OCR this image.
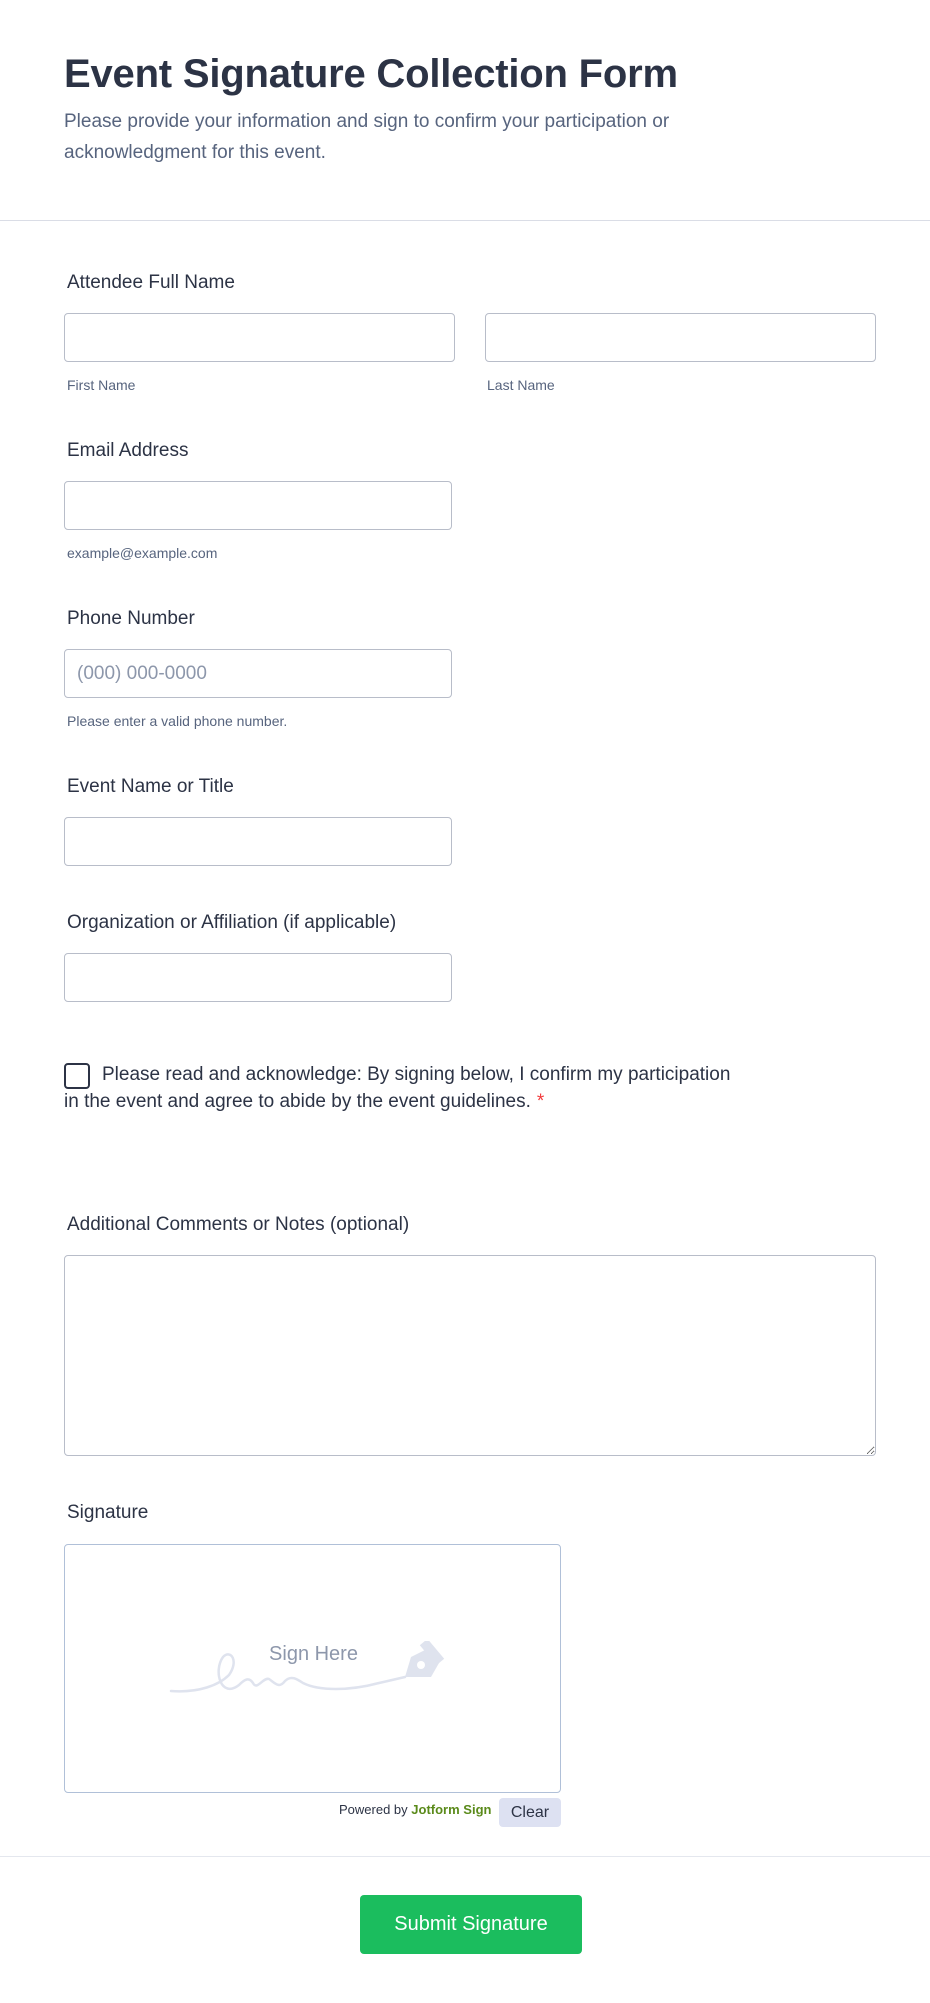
Event Signature Collection Form

Please provide your information and sign to confirm your participation or acknowledgment for this event.

Attendee Full Name
First Name	Last Name
Email Address
example@example.com
Phone Number
(000) 000-0000
Please enter a valid phone number.
Event Name or Title
Organization or Affiliation (if applicable)

Please read and acknowledge: By signing below, I confirm my participation in the event and agree to abide by the event guidelines. *

Additional Comments or Notes (optional)
Signature
Sign Here
Powered by Jotform Sign	Clear
Submit Signature
